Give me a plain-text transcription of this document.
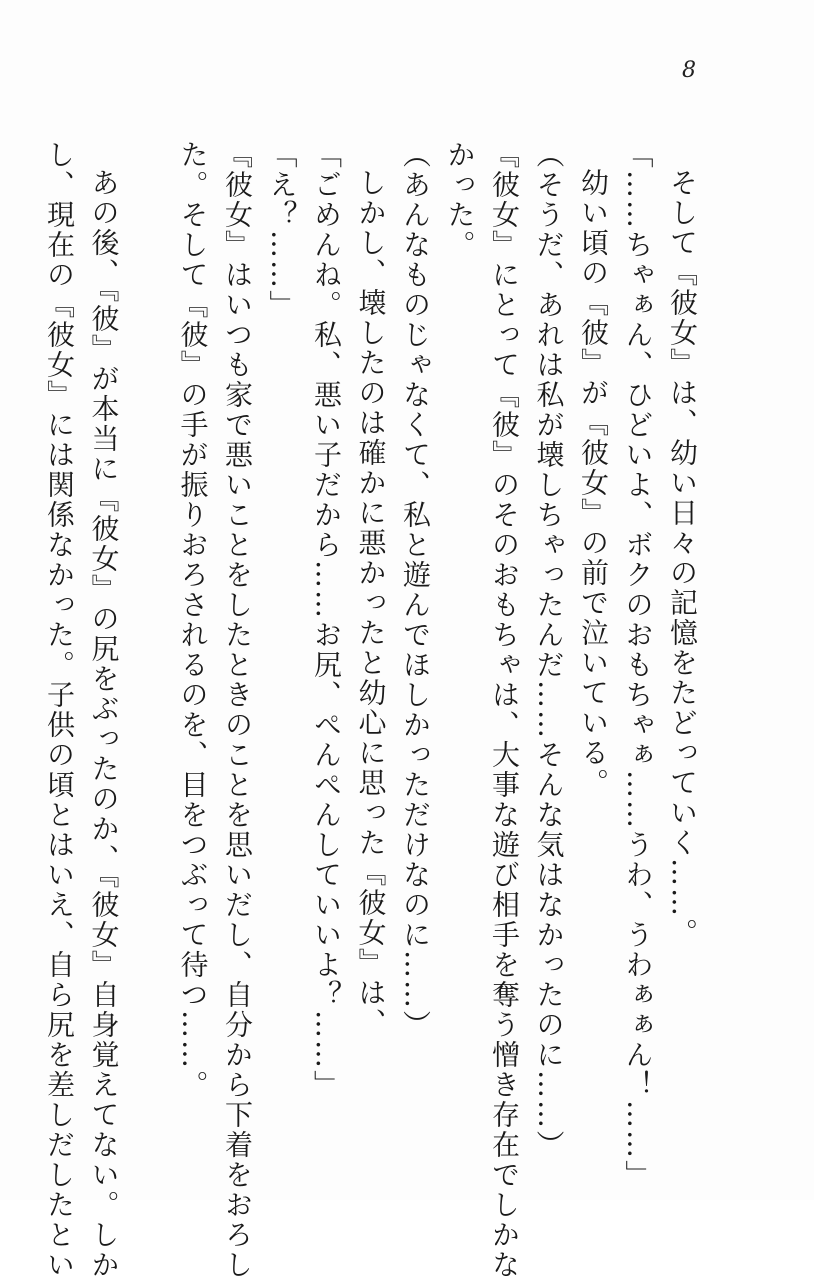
8
そして『彼女』は、幼い日々の記憶をたどっていく……。
「……ちゃぁん、ひどいよ、ボクのおもちゃぁ……うわ、うわぁぁん！……」
幼い頃の『彼』が『彼女』の前で泣いている。
（そうだ、あれは私が壊しちゃったんだ……そんな気はなかったのに……）
『彼女』にとって『彼』のそのおもちゃは、大事な遊び相手を奪う憎き存在でしかな
かった。
（あんなものじゃなくて、私と遊んでほしかっただけなのに……）
しかし、壊したのは確かに悪かったと幼心に思った『彼女』は、
「ごめんね。私、悪い子だから……お尻、ぺんぺんしていいよ？……」
「え？……」
『彼女』はいつも家で悪いことをしたときのことを思いだし、自分から下着をおろし
た。そして『彼』の手が振りおろされるのを、目をつぶって待つ……。

あの後、『彼』が本当に『彼女』の尻をぶったのか、『彼女』自身覚えてない。しか
し、現在の『彼女』には関係なかった。子供の頃とはいえ、自ら尻を差しだしたとい
